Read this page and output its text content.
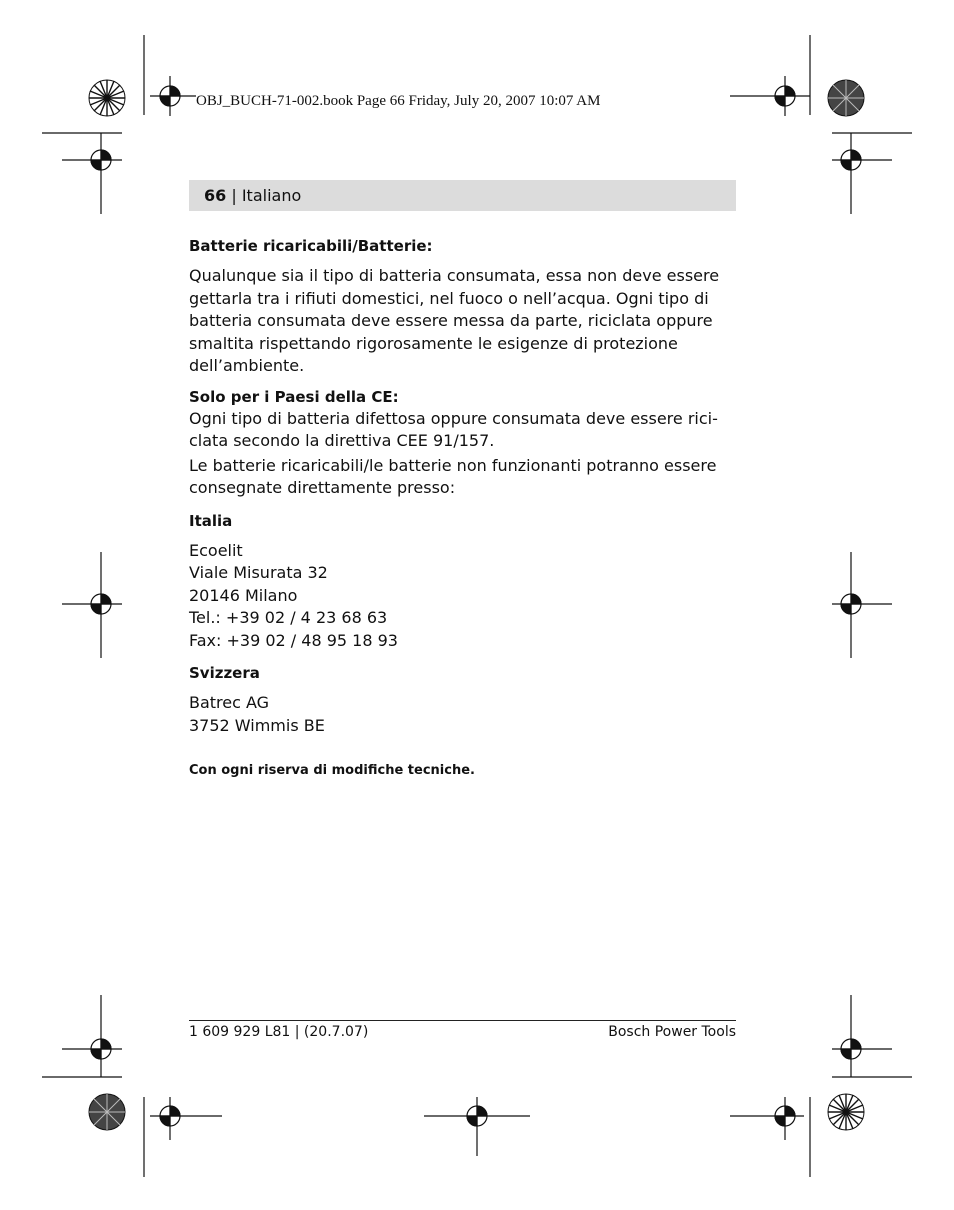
OBJ_BUCH-71-002.book Page 66 Friday, July 20, 2007 10:07 AM

66 | Italiano

Batterie ricaricabili/Batterie:

Qualunque sia il tipo di batteria consumata, essa non deve essere
gettarla tra i rifiuti domestici, nel fuoco o nell’acqua. Ogni tipo di
batteria consumata deve essere messa da parte, riciclata oppure
smaltita rispettando rigorosamente le esigenze di protezione
dell’ambiente.

Solo per i Paesi della CE:

Ogni tipo di batteria difettosa oppure consumata deve essere rici-
clata secondo la direttiva CEE 91/157.

Le batterie ricaricabili/le batterie non funzionanti potranno essere
consegnate direttamente presso:

Italia

Ecoelit
Viale Misurata 32
20146 Milano
Tel.: +39 02 / 4 23 68 63
Fax: +39 02 / 48 95 18 93

Svizzera

Batrec AG
3752 Wimmis BE

Con ogni riserva di modifiche tecniche.

1 609 929 L81 | (20.7.07)	Bosch Power Tools
